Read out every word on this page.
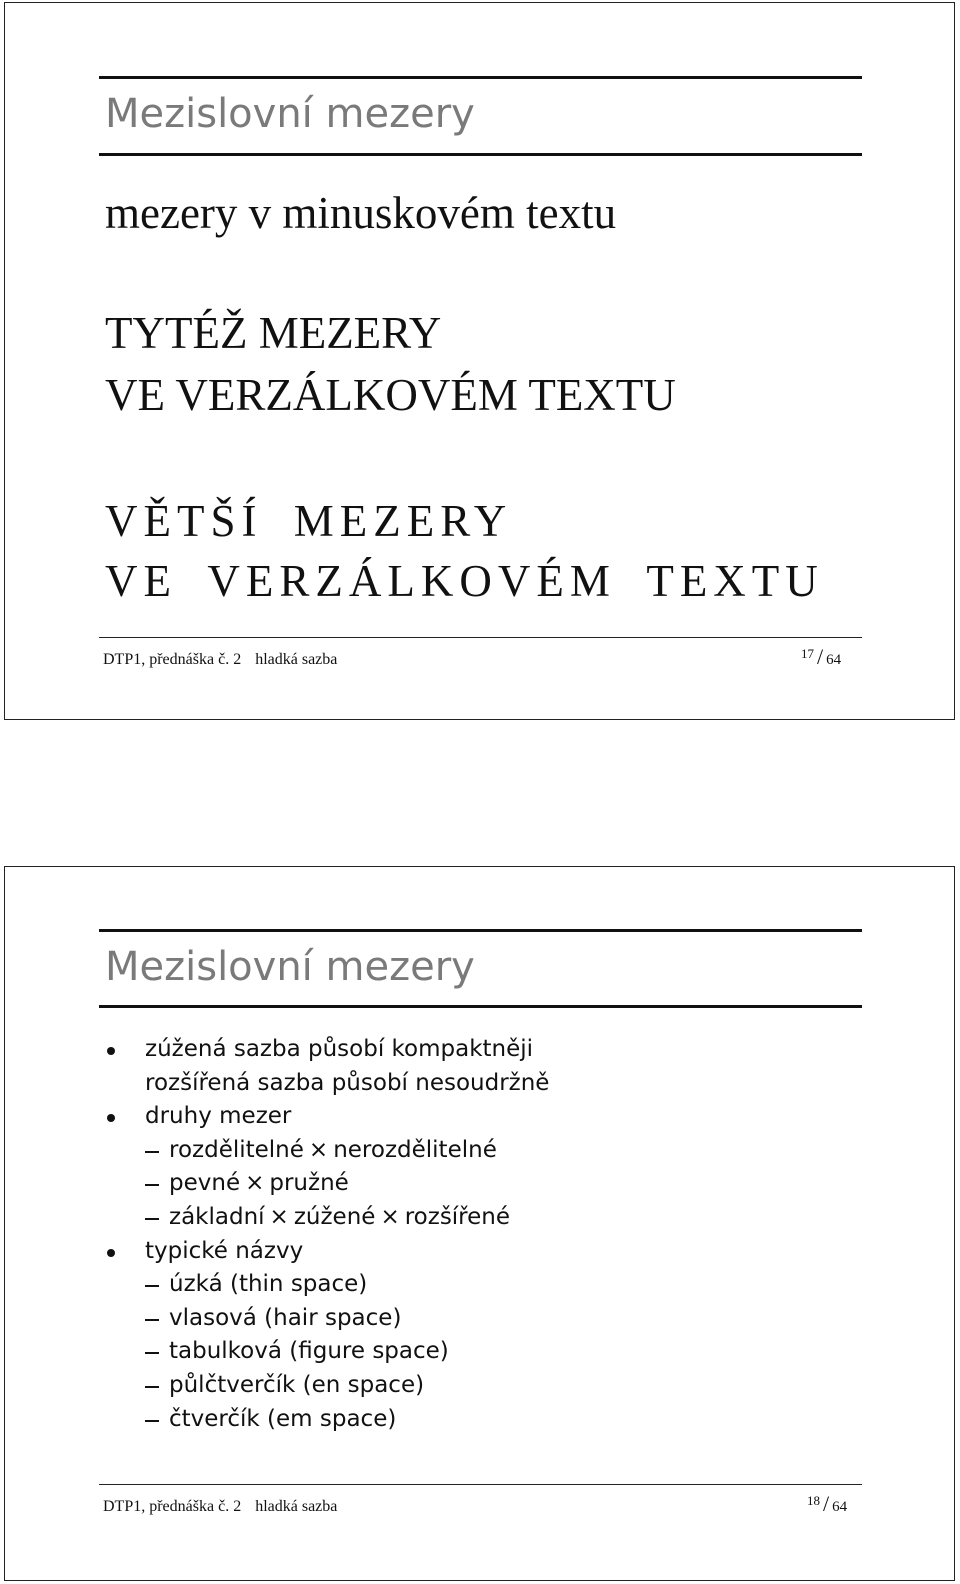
Mezislovní mezery
mezery v minuskovém textu
TYTÉŽ MEZERY
VE VERZÁLKOVÉM TEXTU
VĚTŠÍ MEZERY
VE VERZÁLKOVÉM TEXTU
DTP1, přednáška č. 2 hladká sazba	$^{17}$ / 64
Mezislovní mezery
zúžená sazba působí kompaktněji
rozšířená sazba působí nesoudržně
druhy mezer
rozdělitelné × nerozdělitelné
pevné × pružné
základní × zúžené × rozšířené
typické názvy
úzká (thin space)
vlasová (hair space)
tabulková (figure space)
půlčtverčík (en space)
čtverčík (em space)
DTP1, přednáška č. 2 hladká sazba	$^{18}$ / 64
